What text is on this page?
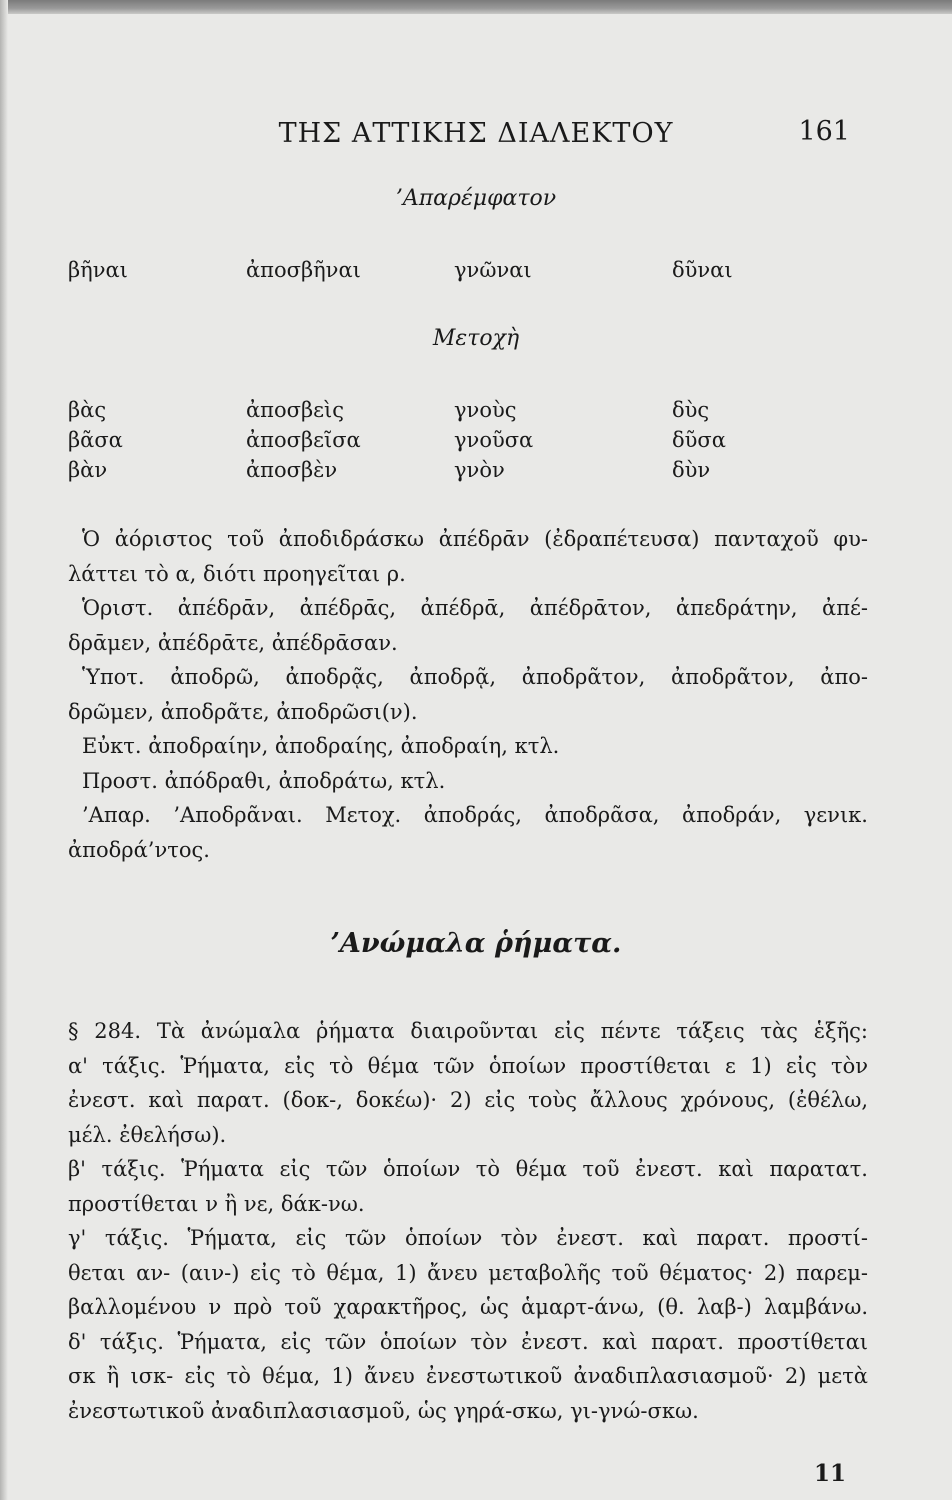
ΤΗΣ ΑΤΤΙΚΗΣ ΔΙΑΛΕΚΤΟΥ	161
’Απαρέμφατον
βῆναι	ἀποσβῆναι	γνῶναι	δῦναι
Μετοχὴ
βὰς	ἀποσβεὶς	γνοὺς	δὺς
βᾶσα	ἀποσβεῖσα	γνοῦσα	δῦσα
βὰν	ἀποσβὲν	γνὸν	δὺν

Ὁ ἀόριστος τοῦ ἀποδιδράσκω ἀπέδρᾱν (ἐδραπέτευσα) πανταχοῦ φυ-

λάττει τὸ α, διότι προηγεῖται ρ.

Ὁριστ. ἀπέδρᾱν, ἀπέδρᾱς, ἀπέδρᾱ, ἀπέδρᾱτον, ἀπεδράτην, ἀπέ-

δρᾱμεν, ἀπέδρᾱτε, ἀπέδρᾱσαν.

Ὑποτ. ἀποδρῶ, ἀποδρᾷς, ἀποδρᾷ, ἀποδρᾶτον, ἀποδρᾶτον, ἀπο-

δρῶμεν, ἀποδρᾶτε, ἀποδρῶσι(ν).

Εὐκτ. ἀποδραίην, ἀποδραίης, ἀποδραίη, κτλ.

Προστ. ἀπόδραθι, ἀποδράτω, κτλ.

’Απαρ. ’Αποδρᾶναι. Μετοχ. ἀποδράς, ἀποδρᾶσα, ἀποδράν, γενικ.

ἀποδρά’ντος.

’Ανώμαλα ῥήματα.

§ 284. Τὰ ἀνώμαλα ῥήματα διαιροῦνται εἰς πέντε τάξεις τὰς ἑξῆς:

α' τάξις. Ῥήματα, εἰς τὸ θέμα τῶν ὁποίων προστίθεται ε 1) εἰς τὸν

ἐνεστ. καὶ παρατ. (δοκ-, δοκέω)· 2) εἰς τοὺς ἄλλους χρόνους, (ἐθέλω,

μέλ. ἐθελήσω).

β' τάξις. Ῥήματα εἰς τῶν ὁποίων τὸ θέμα τοῦ ἐνεστ. καὶ παρατατ.

προστίθεται ν ἢ νε, δάκ-νω.

γ' τάξις. Ῥήματα, εἰς τῶν ὁποίων τὸν ἐνεστ. καὶ παρατ. προστί-

θεται αν- (αιν-) εἰς τὸ θέμα, 1) ἄνευ μεταβολῆς τοῦ θέματος· 2) παρεμ-

βαλλομένου ν πρὸ τοῦ χαρακτῆρος, ὡς ἁμαρτ-άνω, (θ. λαβ-) λαμβάνω.

δ' τάξις. Ῥήματα, εἰς τῶν ὁποίων τὸν ἐνεστ. καὶ παρατ. προστίθεται

σκ ἢ ισκ- εἰς τὸ θέμα, 1) ἄνευ ἐνεστωτικοῦ ἀναδιπλασιασμοῦ· 2) μετὰ

ἐνεστωτικοῦ ἀναδιπλασιασμοῦ, ὡς γηρά-σκω, γι-γνώ-σκω.

11
